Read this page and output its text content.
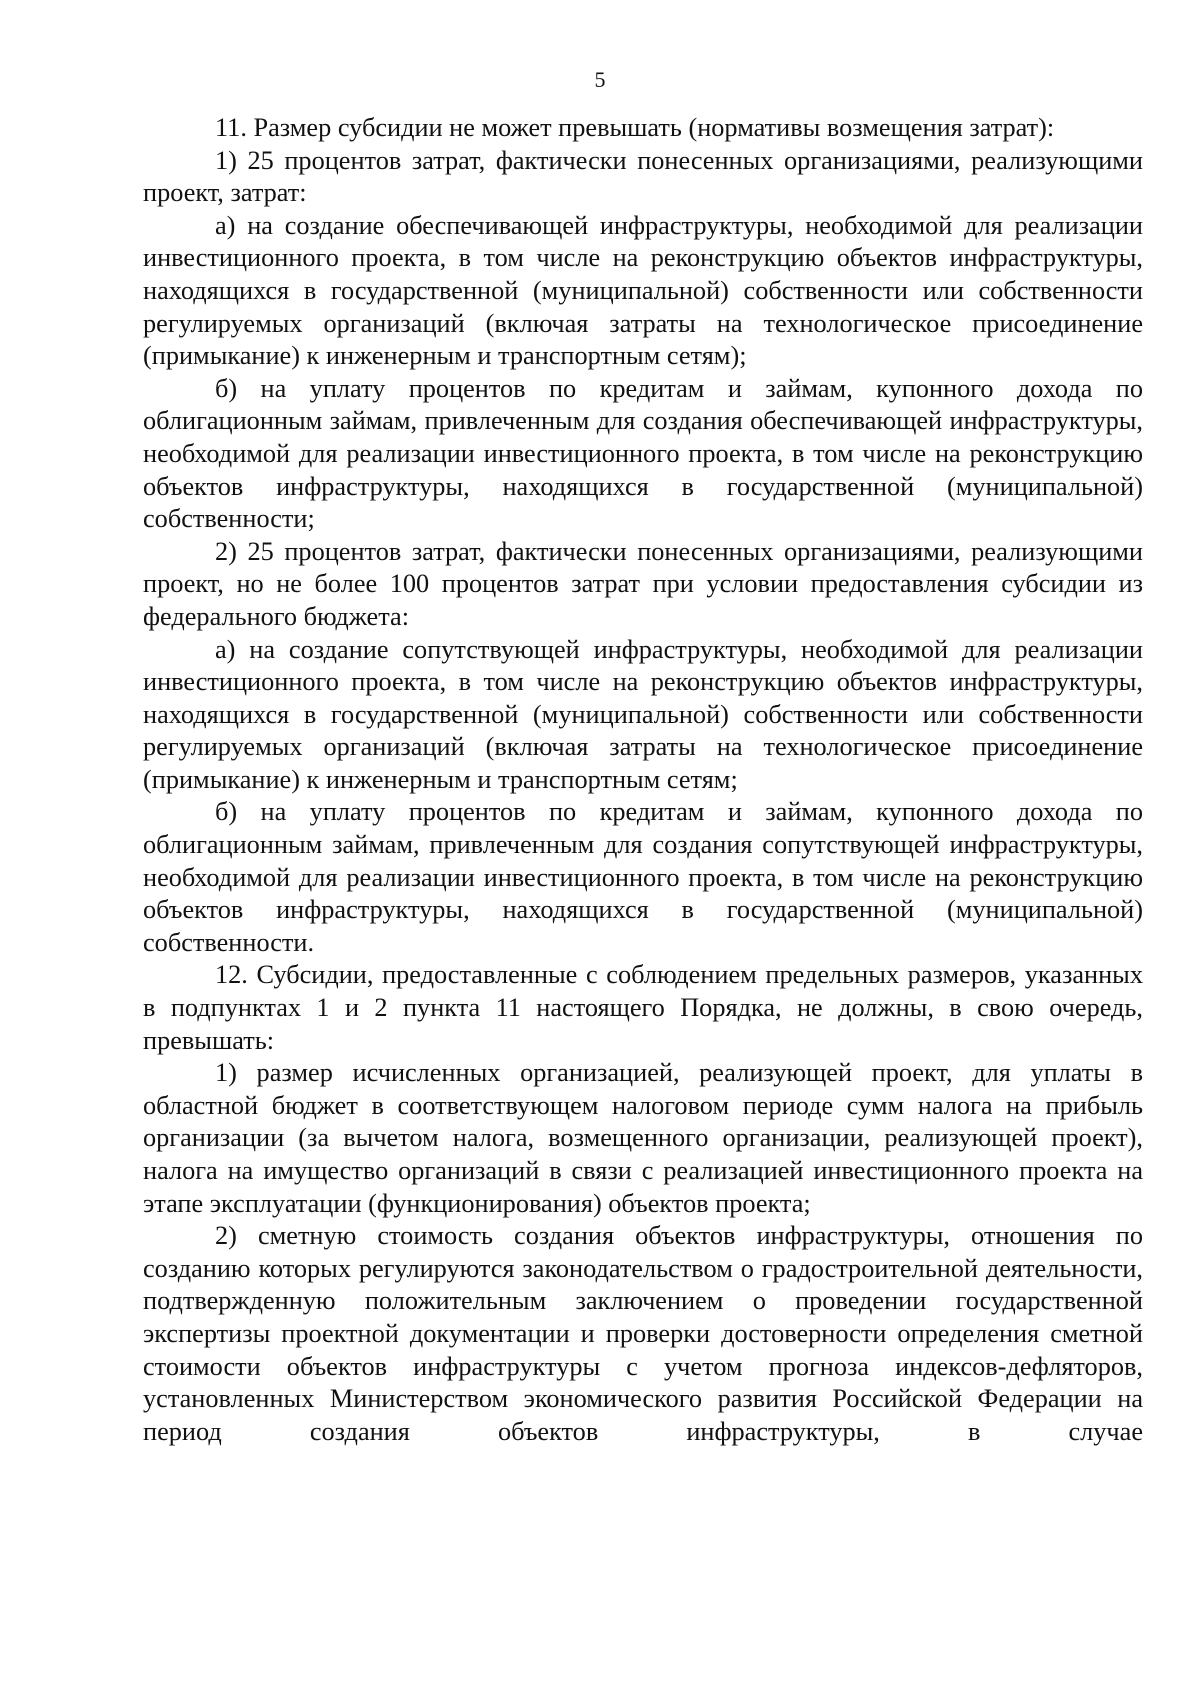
5

11. Размер субсидии не может превышать (нормативы возмещения затрат):

1) 25 процентов затрат, фактически понесенных организациями, реализующими проект, затрат:

а) на создание обеспечивающей инфраструктуры, необходимой для реализации инвестиционного проекта, в том числе на реконструкцию объектов инфраструктуры, находящихся в государственной (муниципальной) собственности или собственности регулируемых организаций (включая затраты на технологическое присоединение (примыкание) к инженерным и транспортным сетям);

б) на уплату процентов по кредитам и займам, купонного дохода по облигационным займам, привлеченным для создания обеспечивающей инфраструктуры, необходимой для реализации инвестиционного проекта, в том числе на реконструкцию объектов инфраструктуры, находящихся в государственной (муниципальной) собственности;

2) 25 процентов затрат, фактически понесенных организациями, реализующими проект, но не более 100 процентов затрат при условии предоставления субсидии из федерального бюджета:

а) на создание сопутствующей инфраструктуры, необходимой для реализации инвестиционного проекта, в том числе на реконструкцию объектов инфраструктуры, находящихся в государственной (муниципальной) собственности или собственности регулируемых организаций (включая затраты на технологическое присоединение (примыкание) к инженерным и транспортным сетям;

б) на уплату процентов по кредитам и займам, купонного дохода по облигационным займам, привлеченным для создания сопутствующей инфраструктуры, необходимой для реализации инвестиционного проекта, в том числе на реконструкцию объектов инфраструктуры, находящихся в государственной (муниципальной) собственности.

12. Субсидии, предоставленные с соблюдением предельных размеров, указанных в подпунктах 1 и 2 пункта 11 настоящего Порядка, не должны, в свою очередь, превышать:

1) размер исчисленных организацией, реализующей проект, для уплаты в областной бюджет в соответствующем налоговом периоде сумм налога на прибыль организации (за вычетом налога, возмещенного организации, реализующей проект), налога на имущество организаций в связи с реализацией инвестиционного проекта на этапе эксплуатации (функционирования) объектов проекта;

2) сметную стоимость создания объектов инфраструктуры, отношения по созданию которых регулируются законодательством о градостроительной деятельности, подтвержденную положительным заключением о проведении государственной экспертизы проектной документации и проверки достоверности определения сметной стоимости объектов инфраструктуры с учетом прогноза индексов-дефляторов, установленных Министерством экономического развития Российской Федерации на период создания объектов инфраструктуры, в случае
